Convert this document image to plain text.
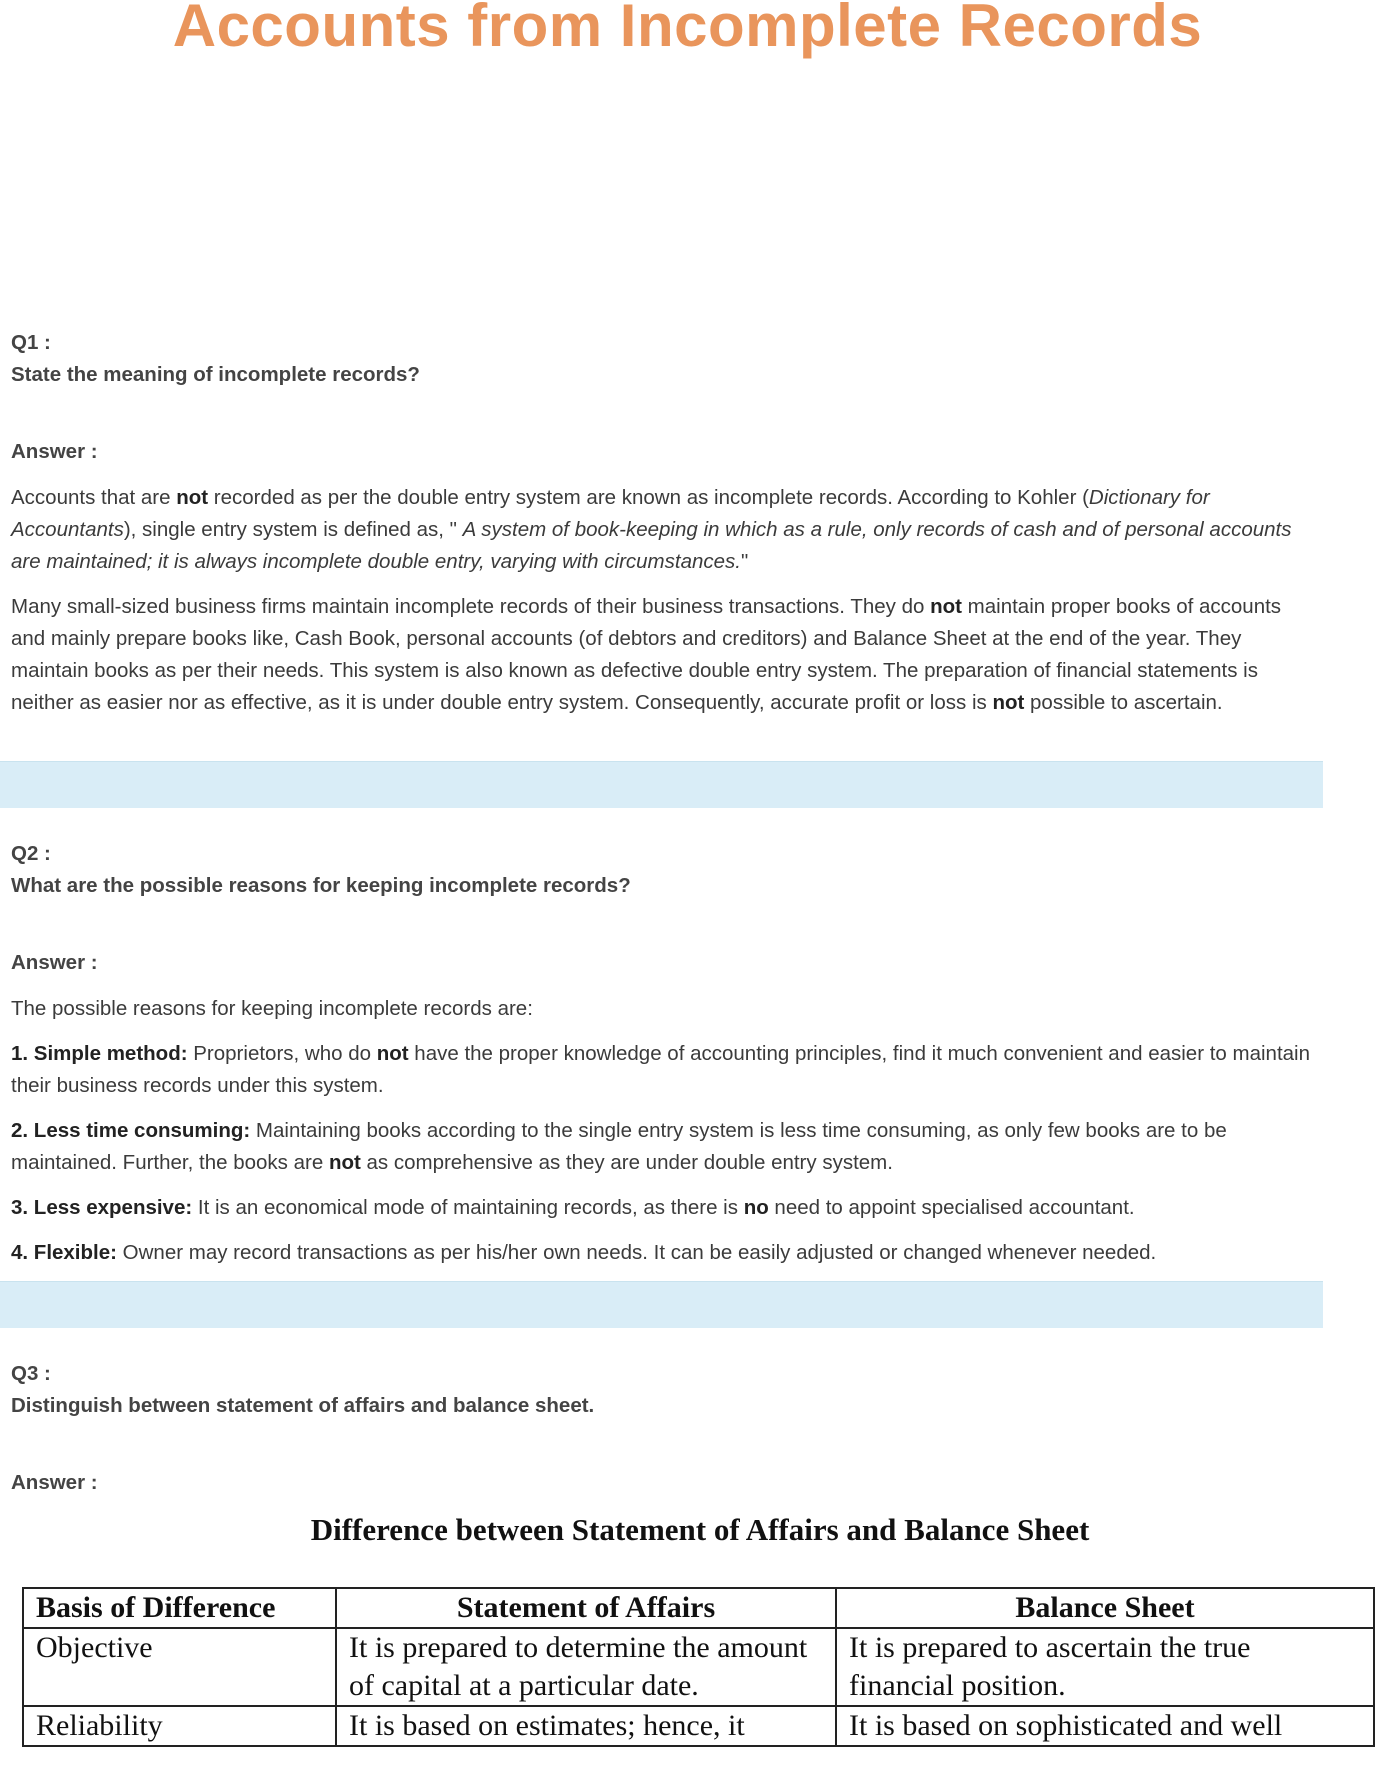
Accounts from Incomplete Records

Q1 :

State the meaning of incomplete records?

Answer :

Accounts that are not recorded as per the double entry system are known as incomplete records. According to Kohler (Dictionary for Accountants), single entry system is defined as, " A system of book-keeping in which as a rule, only records of cash and of personal accounts are maintained; it is always incomplete double entry, varying with circumstances."

Many small-sized business firms maintain incomplete records of their business transactions. They do not maintain proper books of accounts and mainly prepare books like, Cash Book, personal accounts (of debtors and creditors) and Balance Sheet at the end of the year. They maintain books as per their needs. This system is also known as defective double entry system. The preparation of financial statements is neither as easier nor as effective, as it is under double entry system. Consequently, accurate profit or loss is not possible to ascertain.

Q2 :

What are the possible reasons for keeping incomplete records?

Answer :

The possible reasons for keeping incomplete records are:

1. Simple method: Proprietors, who do not have the proper knowledge of accounting principles, find it much convenient and easier to maintain their business records under this system.

2. Less time consuming: Maintaining books according to the single entry system is less time consuming, as only few books are to be maintained. Further, the books are not as comprehensive as they are under double entry system.

3. Less expensive: It is an economical mode of maintaining records, as there is no need to appoint specialised accountant.

4. Flexible: Owner may record transactions as per his/her own needs. It can be easily adjusted or changed whenever needed.

Q3 :

Distinguish between statement of affairs and balance sheet.

Answer :

Difference between Statement of Affairs and Balance Sheet

Basis of Difference	Statement of Affairs	Balance Sheet
Objective	It is prepared to determine the amount of capital at a particular date.	It is prepared to ascertain the true financial position.
Reliability	It is based on estimates; hence, it	It is based on sophisticated and well
